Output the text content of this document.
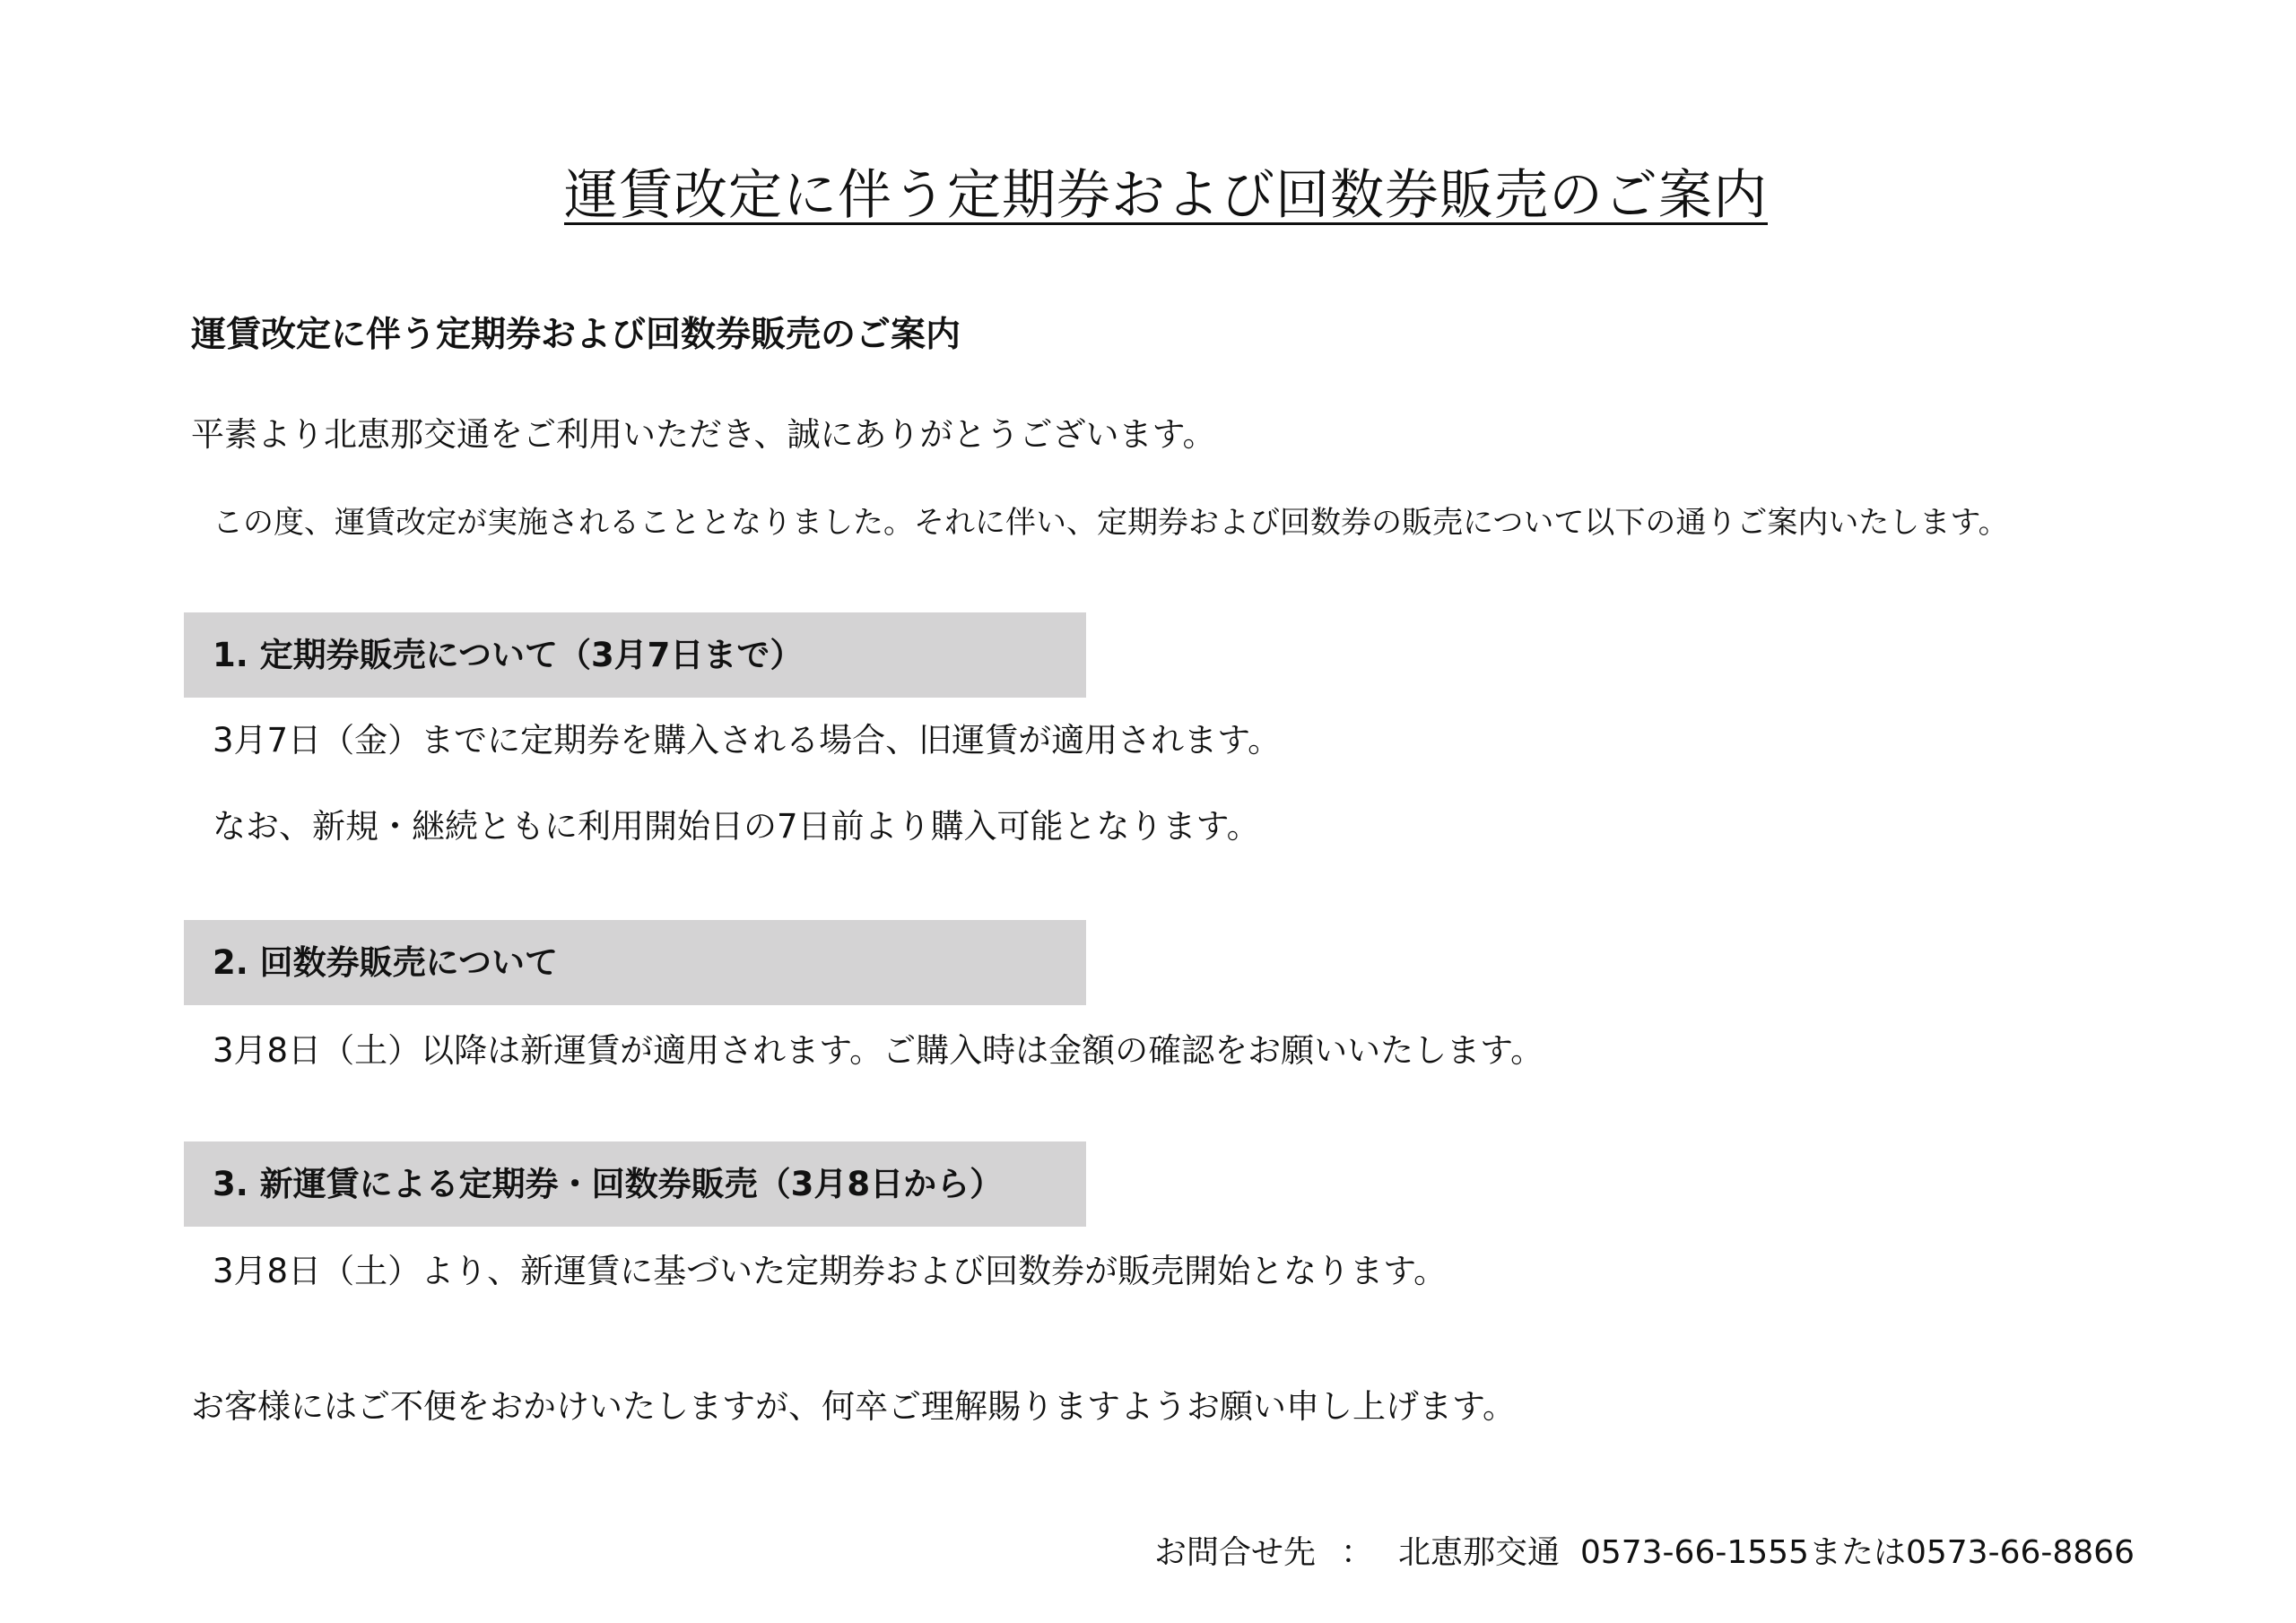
運賃改定に伴う定期券および回数券販売のご案内
運賃改定に伴う定期券および回数券販売のご案内
平素より北恵那交通をご利用いただき、誠にありがとうございます。
この度、運賃改定が実施されることとなりました。それに伴い、定期券および回数券の販売について以下の通りご案内いたします。
1. 定期券販売について（3月7日まで）
3月7日（金）までに定期券を購入される場合、旧運賃が適用されます。
なお、新規・継続ともに利用開始日の7日前より購入可能となります。
2. 回数券販売について
3月8日（土）以降は新運賃が適用されます。ご購入時は金額の確認をお願いいたします。
3. 新運賃による定期券・回数券販売（3月8日から）
3月8日（土）より、新運賃に基づいた定期券および回数券が販売開始となります。
お客様にはご不便をおかけいたしますが、何卒ご理解賜りますようお願い申し上げます。
お問合せ先 ： 北恵那交通 0573-66-1555または0573-66-8866
